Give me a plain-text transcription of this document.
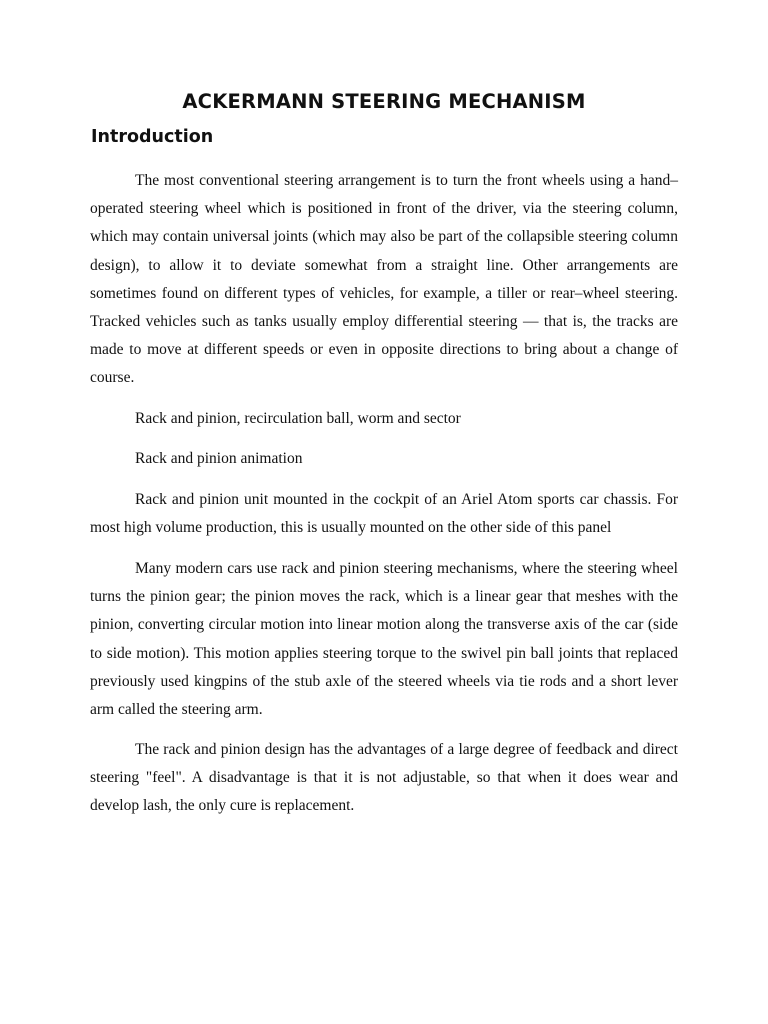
ACKERMANN STEERING MECHANISM
Introduction

The most conventional steering arrangement is to turn the front wheels using a hand–operated steering wheel which is positioned in front of the driver, via the steering column, which may contain universal joints (which may also be part of the collapsible steering column design), to allow it to deviate somewhat from a straight line. Other arrangements are sometimes found on different types of vehicles, for example, a tiller or rear–wheel steering. Tracked vehicles such as tanks usually employ differential steering — that is, the tracks are made to move at different speeds or even in opposite directions to bring about a change of course.

Rack and pinion, recirculation ball, worm and sector

Rack and pinion animation

Rack and pinion unit mounted in the cockpit of an Ariel Atom sports car chassis. For most high volume production, this is usually mounted on the other side of this panel

Many modern cars use rack and pinion steering mechanisms, where the steering wheel turns the pinion gear; the pinion moves the rack, which is a linear gear that meshes with the pinion, converting circular motion into linear motion along the transverse axis of the car (side to side motion). This motion applies steering torque to the swivel pin ball joints that replaced previously used kingpins of the stub axle of the steered wheels via tie rods and a short lever arm called the steering arm.

The rack and pinion design has the advantages of a large degree of feedback and direct steering "feel". A disadvantage is that it is not adjustable, so that when it does wear and develop lash, the only cure is replacement.
